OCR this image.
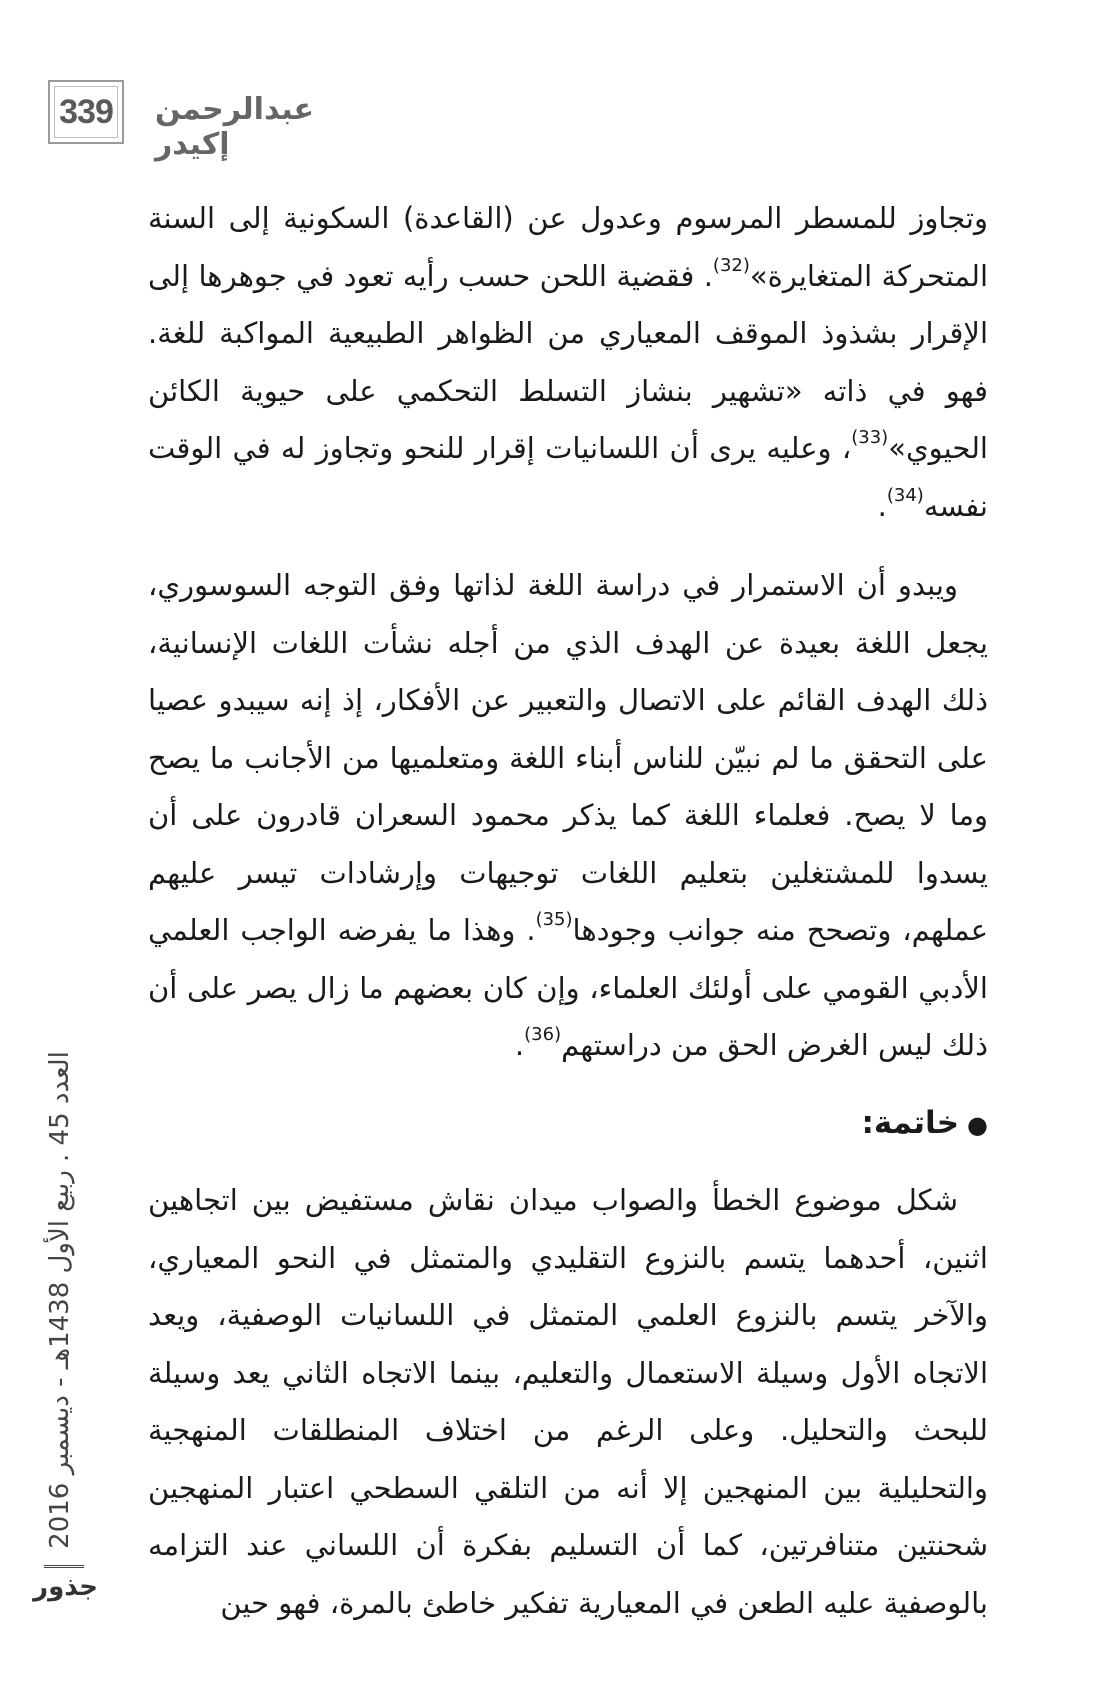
339 عبدالرحمن إكيدر

وتجاوز للمسطر المرسوم وعدول عن (القاعدة) السكونية إلى السنة المتحركة المتغايرة»$^{(32)}$. فقضية اللحن حسب رأيه تعود في جوهرها إلى الإقرار بشذوذ الموقف المعياري من الظواهر الطبيعية المواكبة للغة. فهو في ذاته «تشهير بنشاز التسلط التحكمي على حيوية الكائن الحيوي»$^{(33)}$، وعليه يرى أن اللسانيات إقرار للنحو وتجاوز له في الوقت نفسه$^{(34)}$.

ويبدو أن الاستمرار في دراسة اللغة لذاتها وفق التوجه السوسوري، يجعل اللغة بعيدة عن الهدف الذي من أجله نشأت اللغات الإنسانية، ذلك الهدف القائم على الاتصال والتعبير عن الأفكار، إذ إنه سيبدو عصيا على التحقق ما لم نبيّن للناس أبناء اللغة ومتعلميها من الأجانب ما يصح وما لا يصح. فعلماء اللغة كما يذكر محمود السعران قادرون على أن يسدوا للمشتغلين بتعليم اللغات توجيهات وإرشادات تيسر عليهم عملهم، وتصحح منه جوانب وجودها$^{(35)}$. وهذا ما يفرضه الواجب العلمي الأدبي القومي على أولئك العلماء، وإن كان بعضهم ما زال يصر على أن ذلك ليس الغرض الحق من دراستهم$^{(36)}$.

●خاتمة:

شكل موضوع الخطأ والصواب ميدان نقاش مستفيض بين اتجاهين اثنين، أحدهما يتسم بالنزوع التقليدي والمتمثل في النحو المعياري، والآخر يتسم بالنزوع العلمي المتمثل في اللسانيات الوصفية، ويعد الاتجاه الأول وسيلة الاستعمال والتعليم، بينما الاتجاه الثاني يعد وسيلة للبحث والتحليل. وعلى الرغم من اختلاف المنطلقات المنهجية والتحليلية بين المنهجين إلا أنه من التلقي السطحي اعتبار المنهجين شحنتين متنافرتين، كما أن التسليم بفكرة أن اللساني عند التزامه بالوصفية عليه الطعن في المعيارية تفكير خاطئ بالمرة، فهو حين

العدد 45 . ربيع الأول 1438هـ - ديسمبر 2016
جذور
